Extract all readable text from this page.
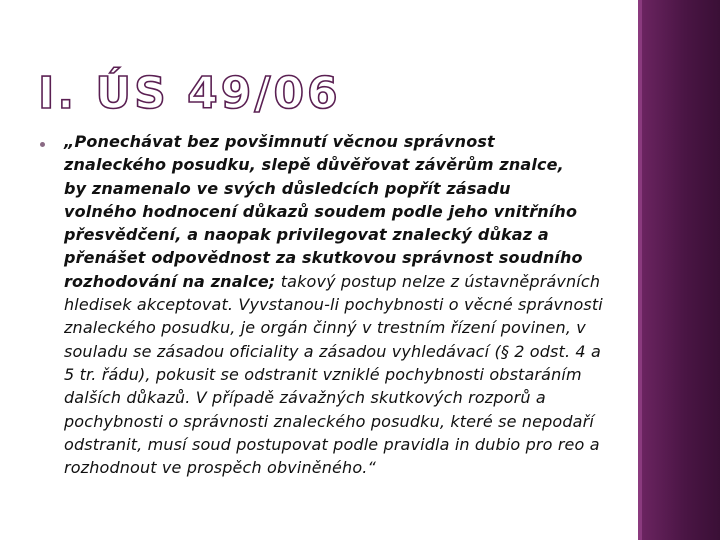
I. ÚS 49/06

„Ponechávat bez povšimnutí věcnou správnost
znaleckého posudku, slepě důvěřovat závěrům znalce,
by znamenalo ve svých důsledcích popřít zásadu
volného hodnocení důkazů soudem podle jeho vnitřního
přesvědčení, a naopak privilegovat znalecký důkaz a
přenášet odpovědnost za skutkovou správnost soudního
rozhodování na znalce; takový postup nelze z ústavněprávních hledisek akceptovat. Vyvstanou-li pochybnosti o věcné správnosti znaleckého posudku, je orgán činný v trestním řízení povinen, v souladu se zásadou oficiality a zásadou vyhledávací (§ 2 odst. 4 a 5 tr. řádu), pokusit se odstranit vzniklé pochybnosti obstaráním dalších důkazů. V případě závažných skutkových rozporů a pochybnosti o správnosti znaleckého posudku, které se nepodaří odstranit, musí soud postupovat podle pravidla in dubio pro reo a rozhodnout ve prospěch obviněného.“
